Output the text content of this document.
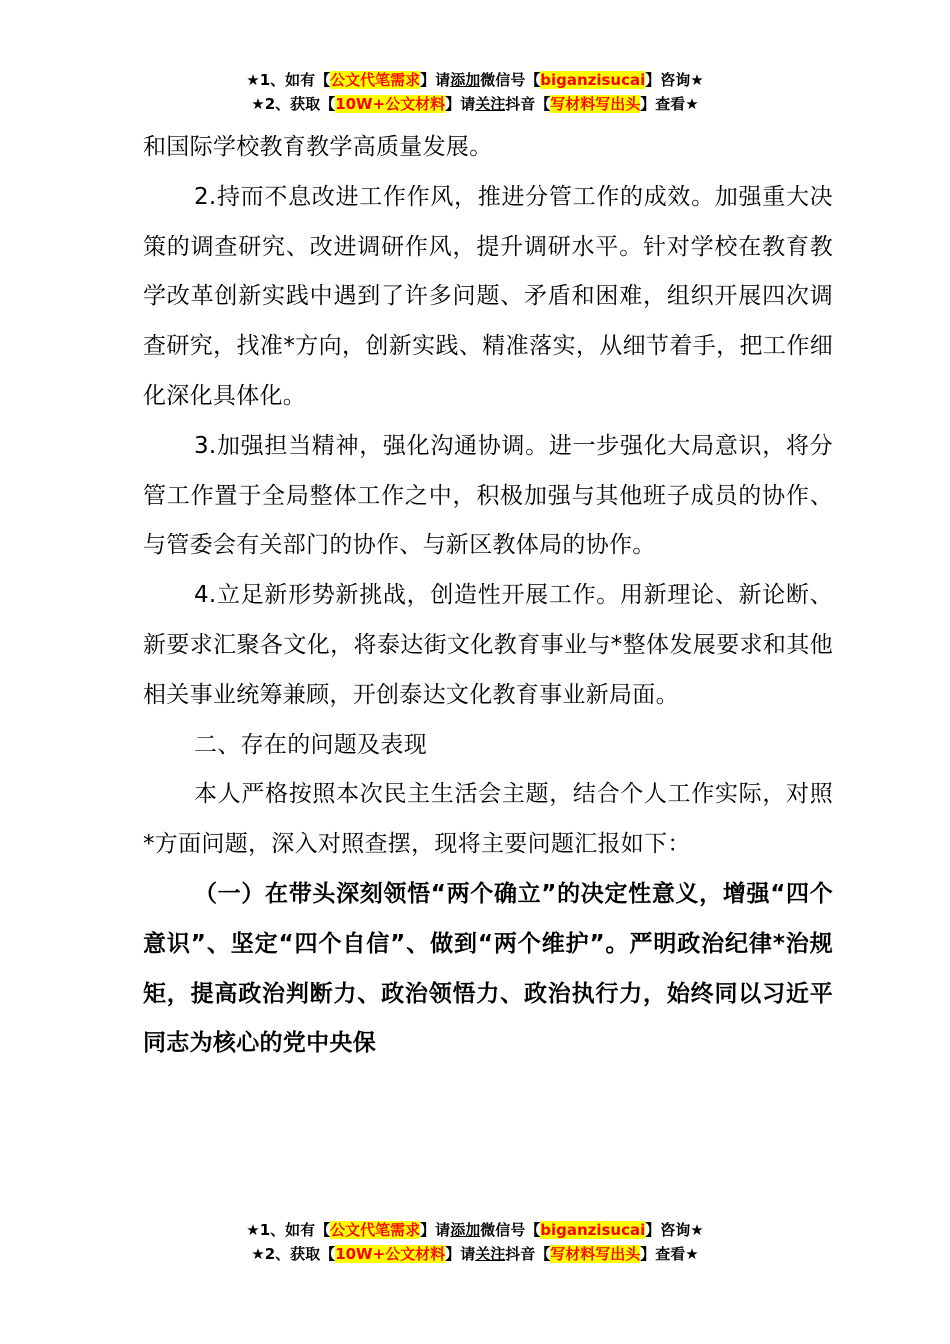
★1、如有【公文代笔需求】请添加微信号【biganzisucai】咨询★
★2、获取【10W+公文材料】请关注抖音【写材料写出头】查看★

和国际学校教育教学高质量发展。

2.持而不息改进工作作风，推进分管工作的成效。加强重大决策的调查研究、改进调研作风，提升调研水平。针对学校在教育教学改革创新实践中遇到了许多问题、矛盾和困难，组织开展四次调查研究，找准*方向，创新实践、精准落实，从细节着手，把工作细化深化具体化。

3.加强担当精神，强化沟通协调。进一步强化大局意识，将分管工作置于全局整体工作之中，积极加强与其他班子成员的协作、与管委会有关部门的协作、与新区教体局的协作。

4.立足新形势新挑战，创造性开展工作。用新理论、新论断、新要求汇聚各文化，将泰达街文化教育事业与*整体发展要求和其他相关事业统筹兼顾，开创泰达文化教育事业新局面。

二、存在的问题及表现

本人严格按照本次民主生活会主题，结合个人工作实际，对照*方面问题，深入对照查摆，现将主要问题汇报如下：

（一）在带头深刻领悟“两个确立”的决定性意义，增强“四个意识”、坚定“四个自信”、做到“两个维护”。严明政治纪律*治规矩，提高政治判断力、政治领悟力、政治执行力，始终同以习近平同志为核心的党中央保

★1、如有【公文代笔需求】请添加微信号【biganzisucai】咨询★
★2、获取【10W+公文材料】请关注抖音【写材料写出头】查看★
